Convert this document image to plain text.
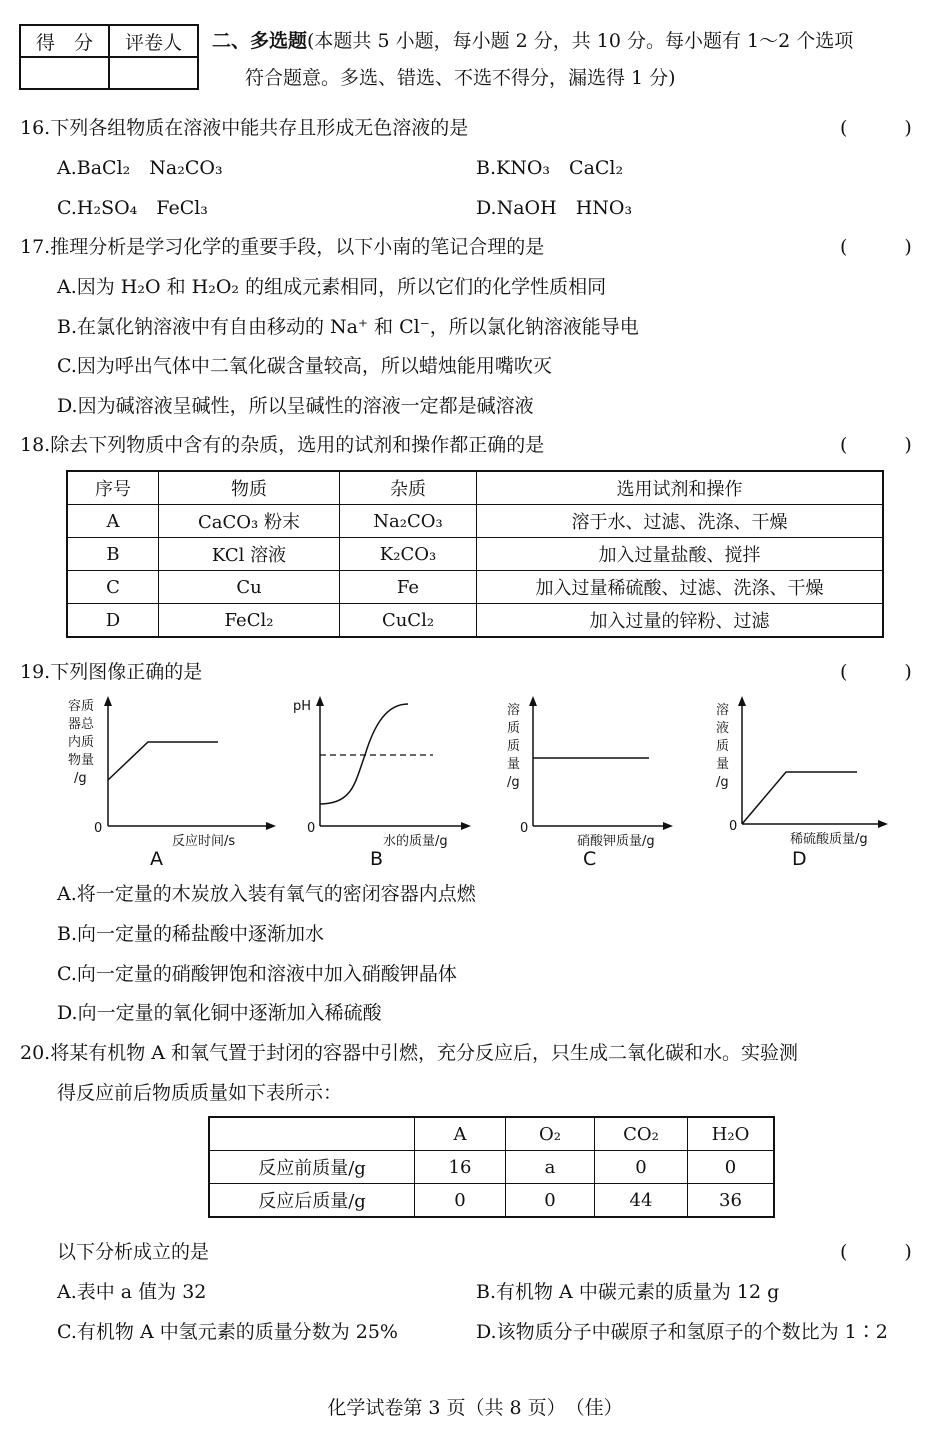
得　分	评卷人
	二、多选题(本题共 5 小题，每小题 2 分，共 10 分。每小题有 1～2 个选项
符合题意。多选、错选、不选不得分，漏选得 1 分)
16.下列各组物质在溶液中能共存且形成无色溶液的是	(　　　)
A.BaCl₂　Na₂CO₃	B.KNO₃　CaCl₂
C.H₂SO₄　FeCl₃	D.NaOH　HNO₃
17.推理分析是学习化学的重要手段，以下小南的笔记合理的是	(　　　)
A.因为 H₂O 和 H₂O₂ 的组成元素相同，所以它们的化学性质相同
B.在氯化钠溶液中有自由移动的 Na⁺ 和 Cl⁻，所以氯化钠溶液能导电
C.因为呼出气体中二氧化碳含量较高，所以蜡烛能用嘴吹灭
D.因为碱溶液呈碱性，所以呈碱性的溶液一定都是碱溶液
18.除去下列物质中含有的杂质，选用的试剂和操作都正确的是	(　　　)
序号	物质	杂质	选用试剂和操作
A	CaCO₃ 粉末	Na₂CO₃	溶于水、过滤、洗涤、干燥
B	KCl 溶液	K₂CO₃	加入过量盐酸、搅拌
C	Cu	Fe	加入过量稀硫酸、过滤、洗涤、干燥
D	FeCl₂	CuCl₂	加入过量的锌粉、过滤
19.下列图像正确的是	(　　　)
容质
器总
内质
物量
/g
0
反应时间/s
A
pH
0
水的质量/g
B
溶
质
质
量
/g
0
硝酸钾质量/g
C
溶
液
质
量
/g
0
稀硫酸质量/g
D
A.将一定量的木炭放入装有氧气的密闭容器内点燃
B.向一定量的稀盐酸中逐渐加水
C.向一定量的硝酸钾饱和溶液中加入硝酸钾晶体
D.向一定量的氧化铜中逐渐加入稀硫酸
20.将某有机物 A 和氧气置于封闭的容器中引燃，充分反应后，只生成二氧化碳和水。实验测
得反应前后物质质量如下表所示：
	A	O₂	CO₂	H₂O
反应前质量/g	16	a	0	0
反应后质量/g	0	0	44	36
以下分析成立的是	(　　　)
A.表中 a 值为 32	B.有机物 A 中碳元素的质量为 12 g
C.有机物 A 中氢元素的质量分数为 25%	D.该物质分子中碳原子和氢原子的个数比为 1∶2
化学试卷第 3 页（共 8 页）　（佳）
